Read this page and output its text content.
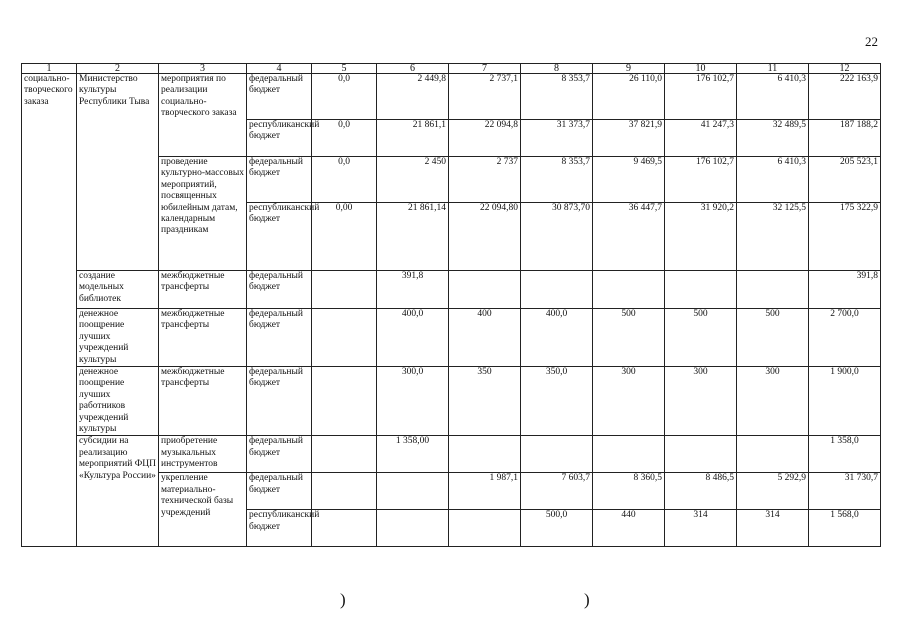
22
1	2	3	4	5	6	7	8	9	10	11	12
социально-творческого заказа	Министерство культуры Республики Тыва	мероприятия по реализации социально-творческого заказа	федеральный бюджет	0,0	2 449,8	2 737,1	8 353,7	26 110,0	176 102,7	6 410,3	222 163,9
			республиканский бюджет	0,0	21 861,1	22 094,8	31 373,7	37 821,9	41 247,3	32 489,5	187 188,2
		проведение культурно-массовых мероприятий, посвященных юбилейным датам, календарным праздникам	федеральный бюджет	0,0	2 450	2 737	8 353,7	9 469,5	176 102,7	6 410,3	205 523,1
			республиканский бюджет	0,00	21 861,14	22 094,80	30 873,70	36 447,7	31 920,2	32 125,5	175 322,9
	создание модельных библиотек	межбюджетные трансферты	федеральный бюджет		391,8						391,8
	денежное поощрение лучших учреждений культуры	межбюджетные трансферты	федеральный бюджет		400,0	400	400,0	500	500	500	2 700,0
	денежное поощрение лучших работников учреждений культуры	межбюджетные трансферты	федеральный бюджет		300,0	350	350,0	300	300	300	1 900,0
	субсидии на реализацию мероприятий ФЦП «Культура России»	приобретение музыкальных инструментов	федеральный бюджет		1 358,00						1 358,0
		укрепление материально-технической базы учреждений	федеральный бюджет			1 987,1	7 603,7	8 360,5	8 486,5	5 292,9	31 730,7
			республиканский бюджет				500,0	440	314	314	1 568,0
)	)
